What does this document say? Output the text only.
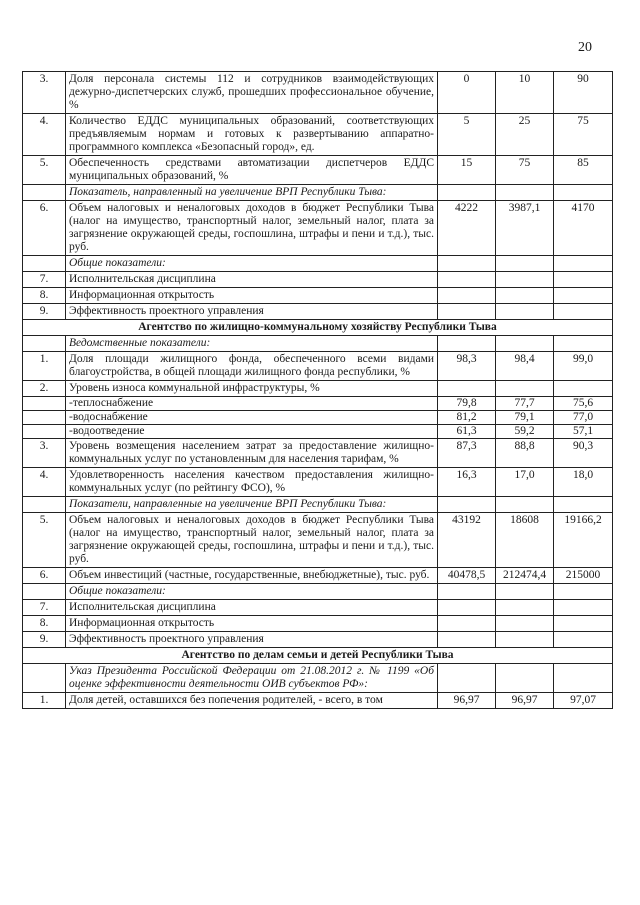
20
3.	Доля персонала системы 112 и сотрудников взаимодействующих дежурно-диспетчерских служб, прошедших профессиональное обучение, %	0	10	90
4.	Количество ЕДДС муниципальных образований, соответствующих предъявляемым нормам и готовых к развертыванию аппаратно-программного комплекса «Безопасный город», ед.	5	25	75
5.	Обеспеченность средствами автоматизации диспетчеров ЕДДС муниципальных образований, %	15	75	85
	Показатель, направленный на увеличение ВРП Республики Тыва:			
6.	Объем налоговых и неналоговых доходов в бюджет Республики Тыва (налог на имущество, транспортный налог, земельный налог, плата за загрязнение окружающей среды, госпошлина, штрафы и пени и т.д.), тыс. руб.	4222	3987,1	4170
	Общие показатели:			
7.	Исполнительская дисциплина			
8.	Информационная открытость			
9.	Эффективность проектного управления			
Агентство по жилищно-коммунальному хозяйству Республики Тыва				
	Ведомственные показатели:			
1.	Доля площади жилищного фонда, обеспеченного всеми видами благоустройства, в общей площади жилищного фонда республики, %	98,3	98,4	99,0
2.	Уровень износа коммунальной инфраструктуры, %			
	-теплоснабжение	79,8	77,7	75,6
	-водоснабжение	81,2	79,1	77,0
	-водоотведение	61,3	59,2	57,1
3.	Уровень возмещения населением затрат за предоставление жилищно-коммунальных услуг по установленным для населения тарифам, %	87,3	88,8	90,3
4.	Удовлетворенность населения качеством предоставления жилищно-коммунальных услуг (по рейтингу ФСО), %	16,3	17,0	18,0
	Показатели, направленные на увеличение ВРП Республики Тыва:			
5.	Объем налоговых и неналоговых доходов в бюджет Республики Тыва (налог на имущество, транспортный налог, земельный налог, плата за загрязнение окружающей среды, госпошлина, штрафы и пени и т.д.), тыс. руб.	43192	18608	19166,2
6.	Объем инвестиций (частные, государственные, внебюджетные), тыс. руб.	40478,5	212474,4	215000
	Общие показатели:			
7.	Исполнительская дисциплина			
8.	Информационная открытость			
9.	Эффективность проектного управления			
Агентство по делам семьи и детей Республики Тыва				
	Указ Президента Российской Федерации от 21.08.2012 г. № 1199 «Об оценке эффективности деятельности ОИВ субъектов РФ»:			
1.	Доля детей, оставшихся без попечения родителей, - всего, в том	96,97	96,97	97,07
